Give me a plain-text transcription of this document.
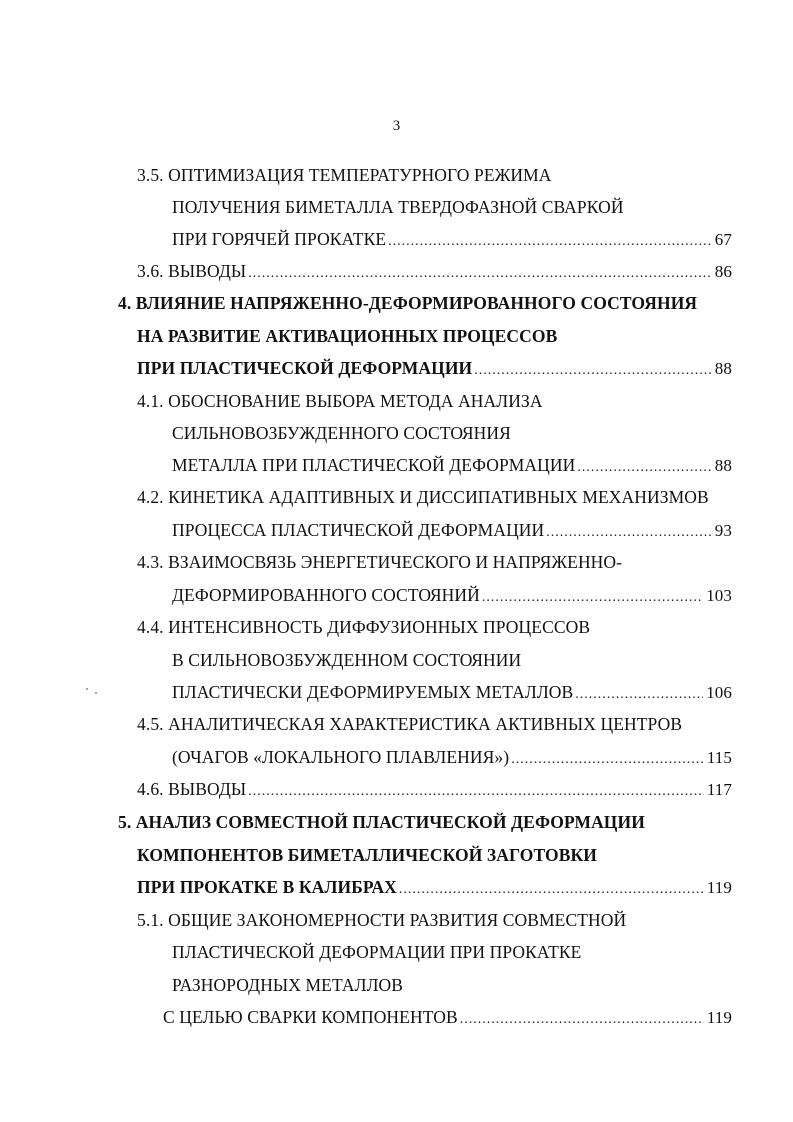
3
3.5. ОПТИМИЗАЦИЯ ТЕМПЕРАТУРНОГО РЕЖИМА
ПОЛУЧЕНИЯ БИМЕТАЛЛА ТВЕРДОФАЗНОЙ СВАРКОЙ
ПРИ ГОРЯЧЕЙ ПРОКАТКЕ .....	67
3.6. ВЫВОДЫ .....	86
4. ВЛИЯНИЕ НАПРЯЖЕННО-ДЕФОРМИРОВАННОГО СОСТОЯНИЯ
НА РАЗВИТИЕ АКТИВАЦИОННЫХ ПРОЦЕССОВ
ПРИ ПЛАСТИЧЕСКОЙ ДЕФОРМАЦИИ .....	88
4.1. ОБОСНОВАНИЕ ВЫБОРА МЕТОДА АНАЛИЗА
СИЛЬНОВОЗБУЖДЕННОГО СОСТОЯНИЯ
МЕТАЛЛА ПРИ ПЛАСТИЧЕСКОЙ ДЕФОРМАЦИИ .....	88
4.2. КИНЕТИКА АДАПТИВНЫХ И ДИССИПАТИВНЫХ МЕХАНИЗМОВ
ПРОЦЕССА ПЛАСТИЧЕСКОЙ ДЕФОРМАЦИИ .....	93
4.3. ВЗАИМОСВЯЗЬ ЭНЕРГЕТИЧЕСКОГО И НАПРЯЖЕННО-
ДЕФОРМИРОВАННОГО СОСТОЯНИЙ .....	103
4.4. ИНТЕНСИВНОСТЬ ДИФФУЗИОННЫХ ПРОЦЕССОВ
В СИЛЬНОВОЗБУЖДЕННОМ СОСТОЯНИИ
ПЛАСТИЧЕСКИ ДЕФОРМИРУЕМЫХ МЕТАЛЛОВ .....	106
4.5. АНАЛИТИЧЕСКАЯ ХАРАКТЕРИСТИКА АКТИВНЫХ ЦЕНТРОВ
(ОЧАГОВ «ЛОКАЛЬНОГО ПЛАВЛЕНИЯ») .....	115
4.6. ВЫВОДЫ .....	117
5. АНАЛИЗ СОВМЕСТНОЙ ПЛАСТИЧЕСКОЙ ДЕФОРМАЦИИ
КОМПОНЕНТОВ БИМЕТАЛЛИЧЕСКОЙ ЗАГОТОВКИ
ПРИ ПРОКАТКЕ В КАЛИБРАХ .....	119
5.1. ОБЩИЕ ЗАКОНОМЕРНОСТИ РАЗВИТИЯ СОВМЕСТНОЙ
ПЛАСТИЧЕСКОЙ ДЕФОРМАЦИИ ПРИ ПРОКАТКЕ
РАЗНОРОДНЫХ МЕТАЛЛОВ
С ЦЕЛЬЮ СВАРКИ КОМПОНЕНТОВ .....	119
